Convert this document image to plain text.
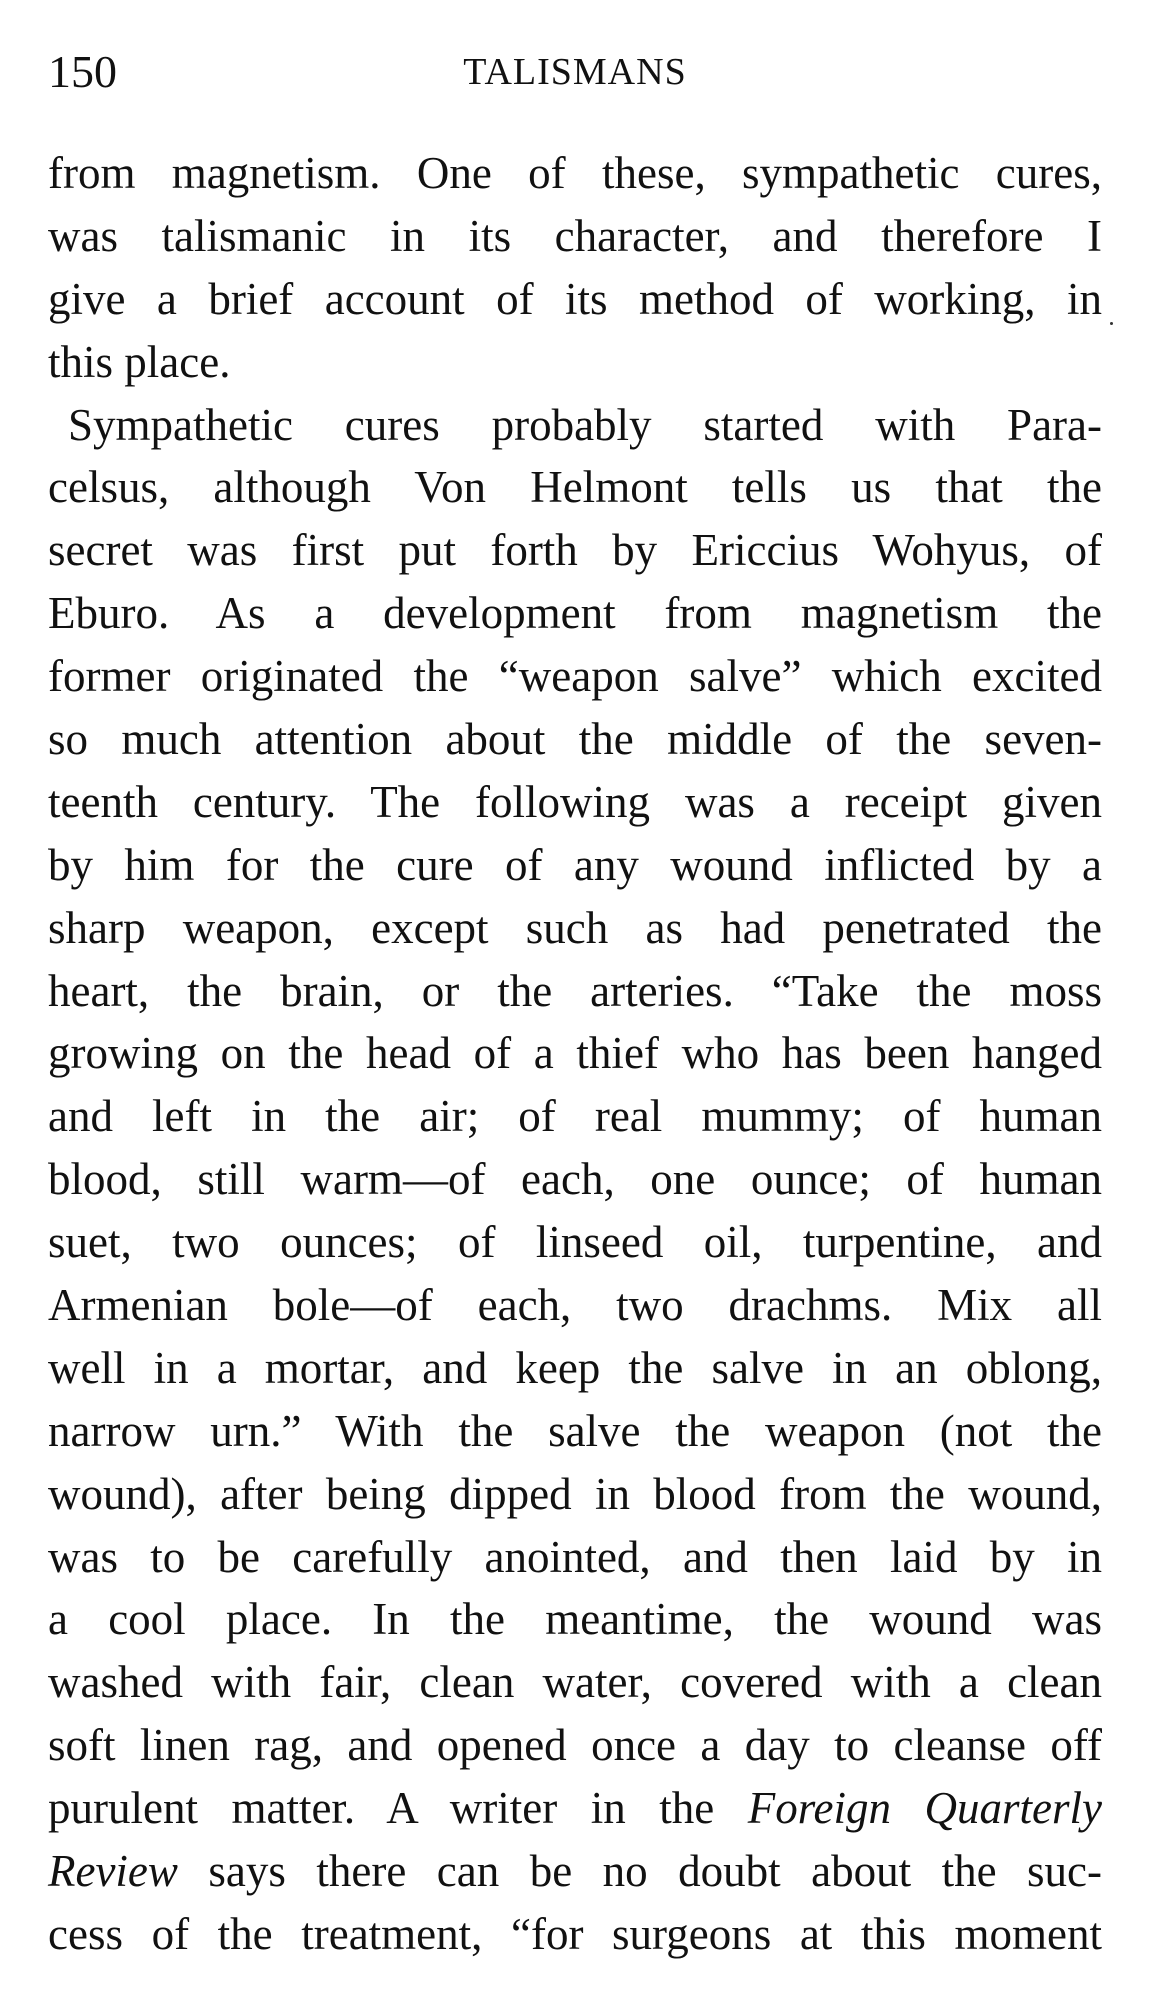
150	TALISMANS
from magnetism. One of these, sympathetic cures,
was talismanic in its character, and therefore I
give a brief account of its method of working, in
this place.
Sympathetic cures probably started with Para-
celsus, although Von Helmont tells us that the
secret was first put forth by Ericcius Wohyus, of
Eburo. As a development from magnetism the
former originated the “weapon salve” which excited
so much attention about the middle of the seven-
teenth century. The following was a receipt given
by him for the cure of any wound inflicted by a
sharp weapon, except such as had penetrated the
heart, the brain, or the arteries. “Take the moss
growing on the head of a thief who has been hanged
and left in the air; of real mummy; of human
blood, still warm—of each, one ounce; of human
suet, two ounces; of linseed oil, turpentine, and
Armenian bole—of each, two drachms. Mix all
well in a mortar, and keep the salve in an oblong,
narrow urn.” With the salve the weapon (not the
wound), after being dipped in blood from the wound,
was to be carefully anointed, and then laid by in
a cool place. In the meantime, the wound was
washed with fair, clean water, covered with a clean
soft linen rag, and opened once a day to cleanse off
purulent matter. A writer in the Foreign Quarterly
Review says there can be no doubt about the suc-
cess of the treatment, “for surgeons at this moment
